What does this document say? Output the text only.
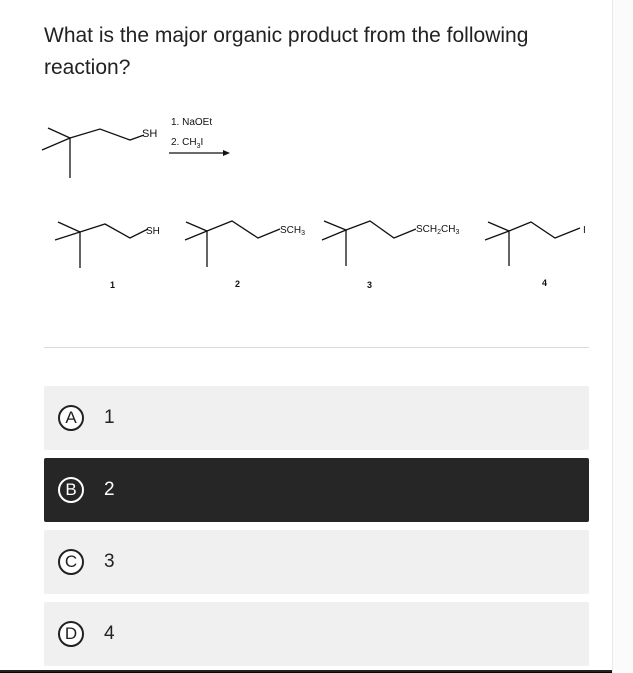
What is the major organic product from the following reaction?
SH
1. NaOEt
2. $CH_3I$
SH
1
$SCH_3$
2
$SCH_2CH_3$
3
I
4
A	1
B	2
C	3
D	4
